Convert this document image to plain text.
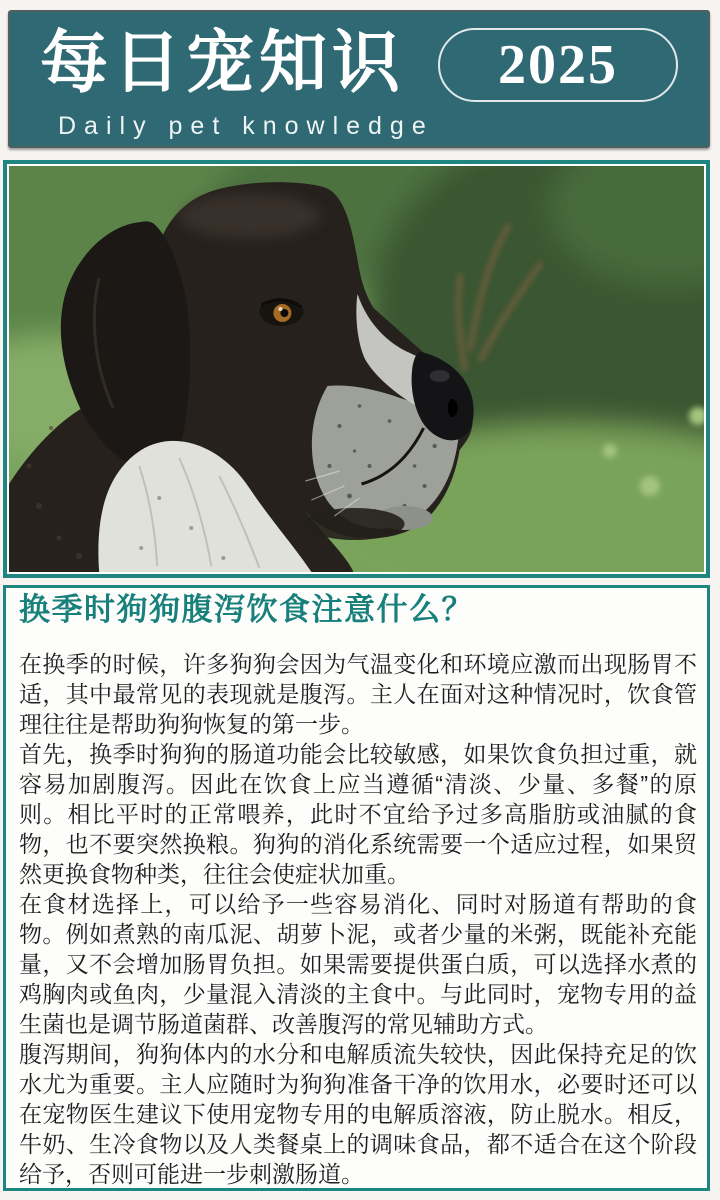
每日宠知识 2025
Daily pet knowledge
换季时狗狗腹泻饮食注意什么？

在换季的时候，许多狗狗会因为气温变化和环境应激而出现肠胃不适，其中最常见的表现就是腹泻。主人在面对这种情况时，饮食管理往往是帮助狗狗恢复的第一步。

首先，换季时狗狗的肠道功能会比较敏感，如果饮食负担过重，就容易加剧腹泻。因此在饮食上应当遵循“清淡、少量、多餐”的原则。相比平时的正常喂养，此时不宜给予过多高脂肪或油腻的食物，也不要突然换粮。狗狗的消化系统需要一个适应过程，如果贸然更换食物种类，往往会使症状加重。

在食材选择上，可以给予一些容易消化、同时对肠道有帮助的食物。例如煮熟的南瓜泥、胡萝卜泥，或者少量的米粥，既能补充能量，又不会增加肠胃负担。如果需要提供蛋白质，可以选择水煮的鸡胸肉或鱼肉，少量混入清淡的主食中。与此同时，宠物专用的益生菌也是调节肠道菌群、改善腹泻的常见辅助方式。

腹泻期间，狗狗体内的水分和电解质流失较快，因此保持充足的饮水尤为重要。主人应随时为狗狗准备干净的饮用水，必要时还可以在宠物医生建议下使用宠物专用的电解质溶液，防止脱水。相反，牛奶、生冷食物以及人类餐桌上的调味食品，都不适合在这个阶段给予，否则可能进一步刺激肠道。
